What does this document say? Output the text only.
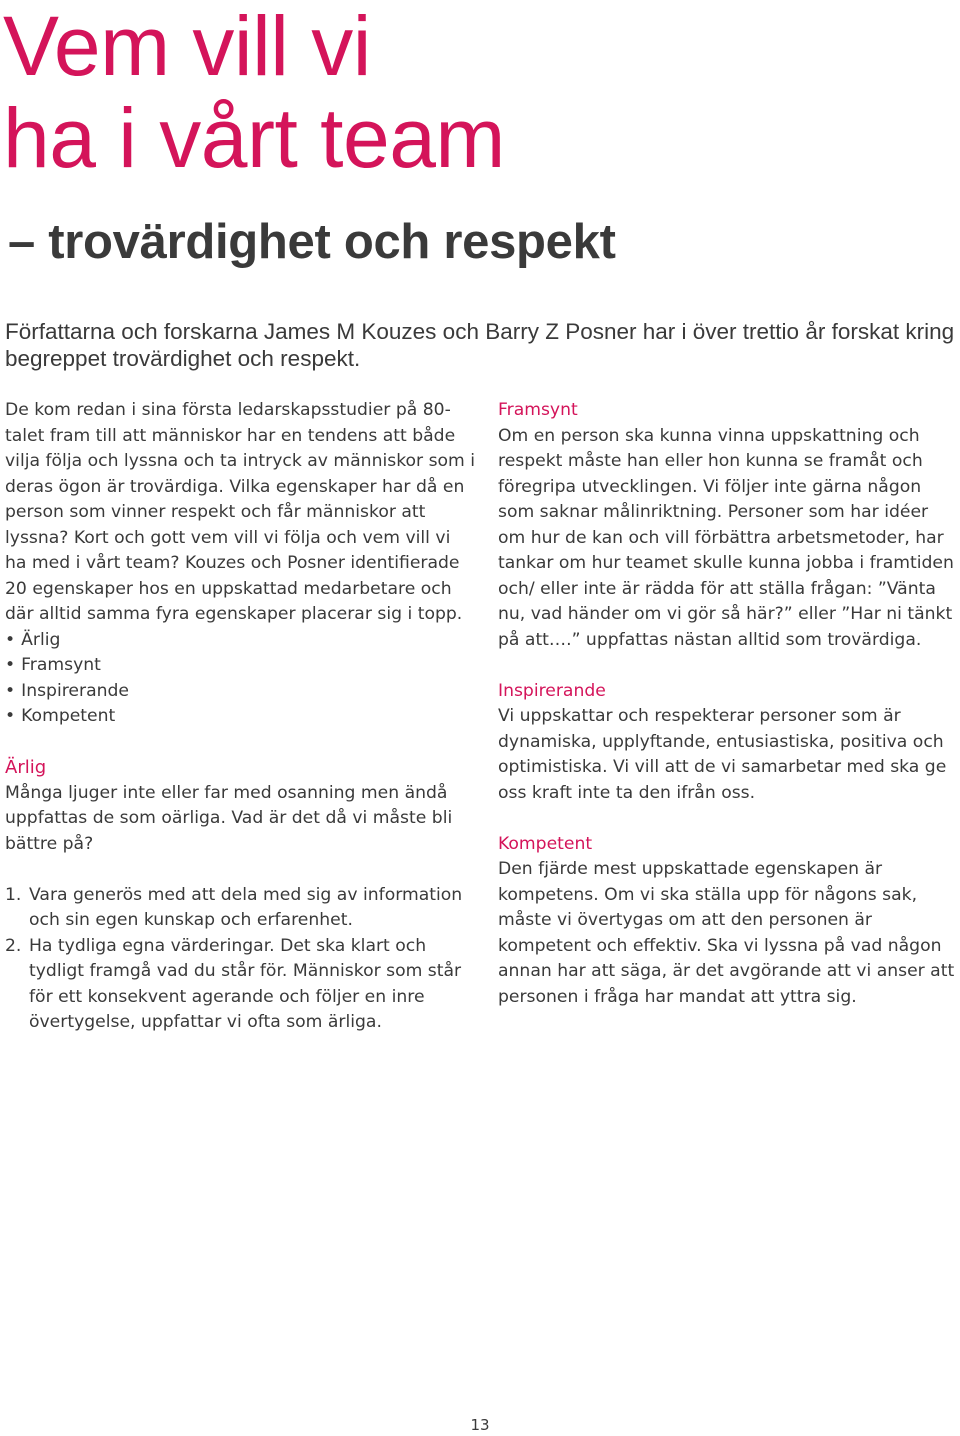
Vem vill vi
ha i vårt team
– trovärdighet och respekt

Författarna och forskarna James M Kouzes och Barry Z Posner har i över trettio år forskat kring begreppet trovärdighet och respekt.

De kom redan i sina första ledarskapsstudier på 80-talet fram till att människor har en tendens att både vilja följa och lyssna och ta intryck av människor som i deras ögon är trovärdiga. Vilka egenskaper har då en person som vinner respekt och får människor att lyssna? Kort och gott vem vill vi följa och vem vill vi ha med i vårt team? Kouzes och Posner identifierade 20 egenskaper hos en uppskattad medarbetare och där alltid samma fyra egenskaper placerar sig i topp.

• Ärlig
• Framsynt
• Inspirerande
• Kompetent
Ärlig

Många ljuger inte eller far med osanning men ändå uppfattas de som oärliga. Vad är det då vi måste bli bättre på?

1. Vara generös med att dela med sig av information och sin egen kunskap och erfarenhet.
2. Ha tydliga egna värderingar. Det ska klart och tydligt framgå vad du står för. Människor som står för ett konsekvent agerande och följer en inre övertygelse, uppfattar vi ofta som ärliga.
Framsynt

Om en person ska kunna vinna uppskattning och respekt måste han eller hon kunna se framåt och föregripa utvecklingen. Vi följer inte gärna någon som saknar målinriktning. Personer som har idéer om hur de kan och vill förbättra arbetsmetoder, har tankar om hur teamet skulle kunna jobba i framtiden och/ eller inte är rädda för att ställa frågan: ”Vänta nu, vad händer om vi gör så här?” eller ”Har ni tänkt på att….” uppfattas nästan alltid som trovärdiga.

Inspirerande

Vi uppskattar och respekterar personer som är dynamiska, upplyftande, entusiastiska, positiva och optimistiska. Vi vill att de vi samarbetar med ska ge oss kraft inte ta den ifrån oss.

Kompetent

Den fjärde mest uppskattade egenskapen är kompetens. Om vi ska ställa upp för någons sak, måste vi övertygas om att den personen är kompetent och effektiv. Ska vi lyssna på vad någon annan har att säga, är det avgörande att vi anser att personen i fråga har mandat att yttra sig.

13
